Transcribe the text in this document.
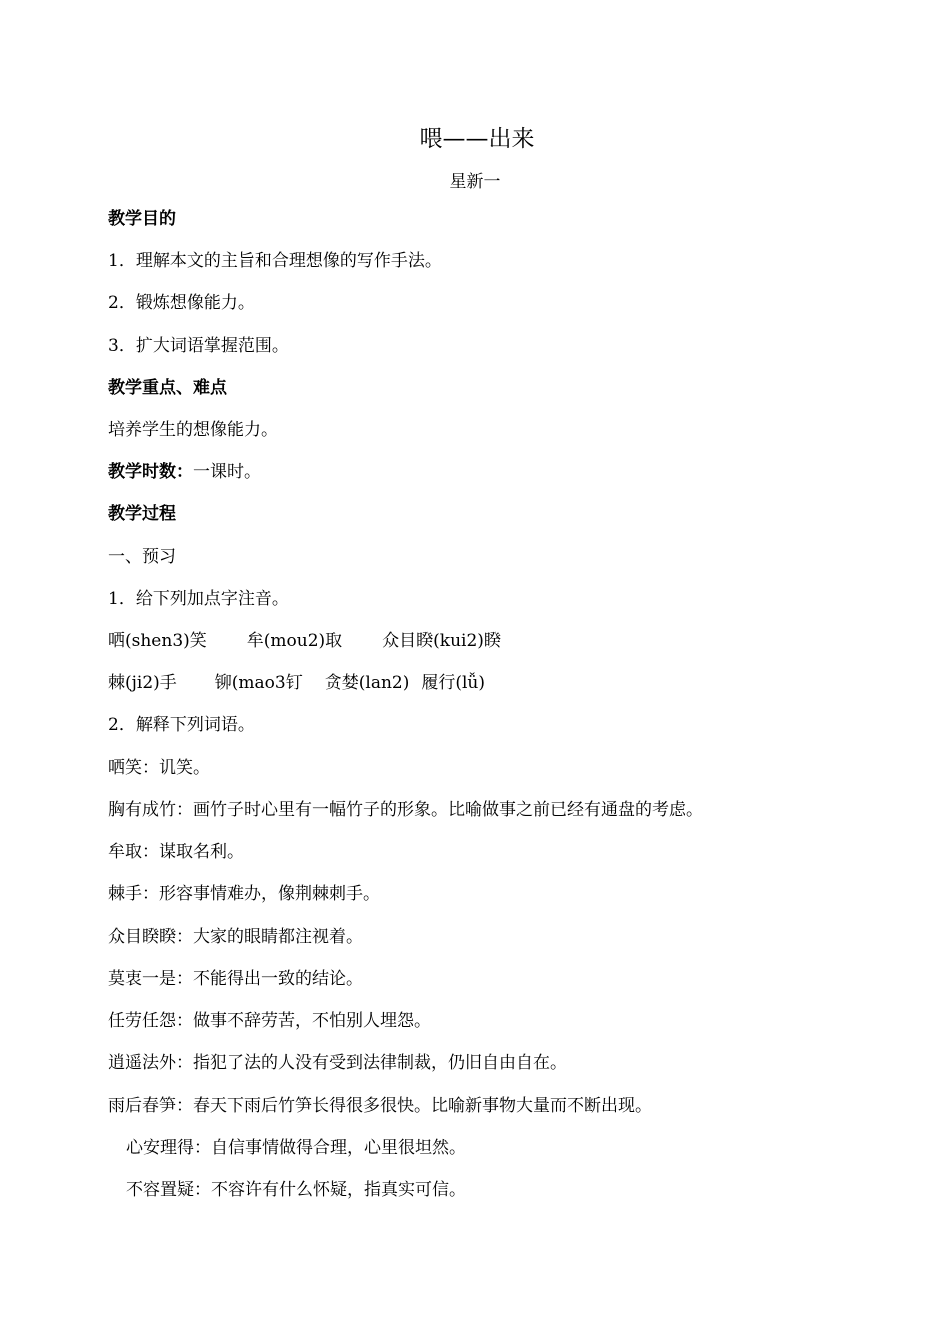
喂——出来
星新一
教学目的
1．理解本文的主旨和合理想像的写作手法。
2．锻炼想像能力。
3．扩大词语掌握范围。
教学重点、难点
培养学生的想像能力。
教学时数：一课时。
教学过程
一、预习
1．给下列加点字注音。
哂(shen3)笑 牟(mou2)取 众目睽(kui2)睽
棘(ji2)手 铆(mao3钉 贪婪(lan2) 履行(lǚ)
2．解释下列词语。
哂笑：讥笑。
胸有成竹：画竹子时心里有一幅竹子的形象。比喻做事之前已经有通盘的考虑。
牟取：谋取名利。
棘手：形容事情难办，像荆棘刺手。
众目睽睽：大家的眼睛都注视着。
莫衷一是：不能得出一致的结论。
任劳任怨：做事不辞劳苦，不怕别人埋怨。
逍遥法外：指犯了法的人没有受到法律制裁，仍旧自由自在。
雨后春笋：春天下雨后竹笋长得很多很快。比喻新事物大量而不断出现。
心安理得：自信事情做得合理，心里很坦然。
不容置疑：不容许有什么怀疑，指真实可信。
